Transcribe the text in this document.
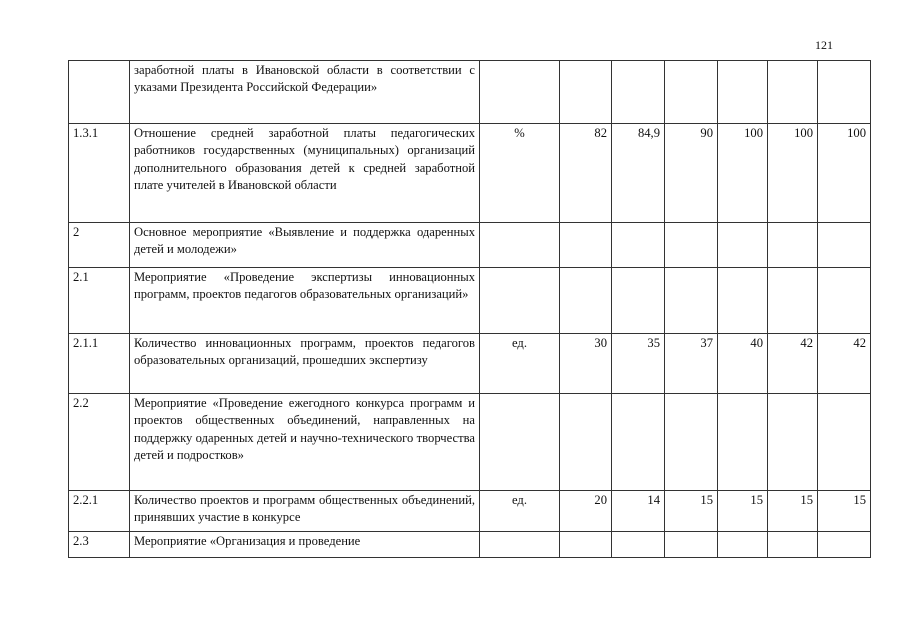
121
	заработной платы в Ивановской области в соответствии с указами Президента Российской Федерации»							
1.3.1	Отношение средней заработной платы педагогических работников государственных (муниципальных) организаций дополнительного образования детей к средней заработной плате учителей в Ивановской области	%	82	84,9	90	100	100	100
2	Основное мероприятие «Выявление и поддержка одаренных детей и молодежи»							
2.1	Мероприятие «Проведение экспертизы инновационных программ, проектов педагогов образовательных организаций»							
2.1.1	Количество инновационных программ, проектов педагогов образовательных организаций, прошедших экспертизу	ед.	30	35	37	40	42	42
2.2	Мероприятие «Проведение ежегодного конкурса программ и проектов общественных объединений, направленных на поддержку одаренных детей и научно-технического творчества детей и подростков»							
2.2.1	Количество проектов и программ общественных объединений, принявших участие в конкурсе	ед.	20	14	15	15	15	15
2.3	Мероприятие «Организация и проведение							
